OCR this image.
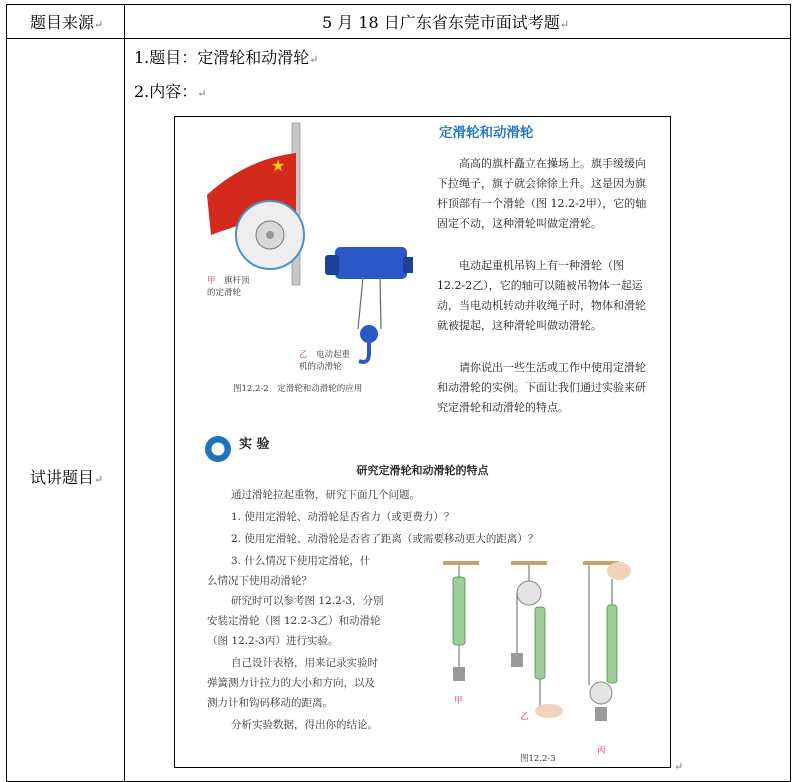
题目来源↵	5 月 18 日广东省东莞市面试考题↵
试讲题目↵
1.题目：定滑轮和动滑轮↵
2.内容：↵
↵
★
甲　 旗杆顶
的定滑轮
乙　 电动起重
机的动滑轮
图12.2-2　定滑轮和动滑轮的应用
定滑轮和动滑轮
高高的旗杆矗立在操场上。旗手缓缓向下拉绳子，旗子就会徐徐上升。这是因为旗杆顶部有一个滑轮（图 12.2-2甲），它的轴固定不动，这种滑轮叫做定滑轮。
电动起重机吊钩上有一种滑轮（图 12.2-2乙），它的轴可以随被吊物体一起运动，当电动机转动并收绳子时，物体和滑轮就被提起，这种滑轮叫做动滑轮。
请你说出一些生活或工作中使用定滑轮和动滑轮的实例。下面让我们通过实验来研究定滑轮和动滑轮的特点。
实 验
研究定滑轮和动滑轮的特点
通过滑轮拉起重物，研究下面几个问题。
1. 使用定滑轮、动滑轮是否省力（或更费力）？
2. 使用定滑轮、动滑轮是否省了距离（或需要移动更大的距离）？
3. 什么情况下使用定滑轮，什
么情况下使用动滑轮？
研究时可以参考图 12.2-3，分别
安装定滑轮（图 12.2-3乙）和动滑轮
（图 12.2-3丙）进行实验。
自己设计表格，用来记录实验时
弹簧测力计拉力的大小和方向，以及
测力计和钩码移动的距离。
分析实验数据，得出你的结论。
甲
乙
丙
图12.2-3
